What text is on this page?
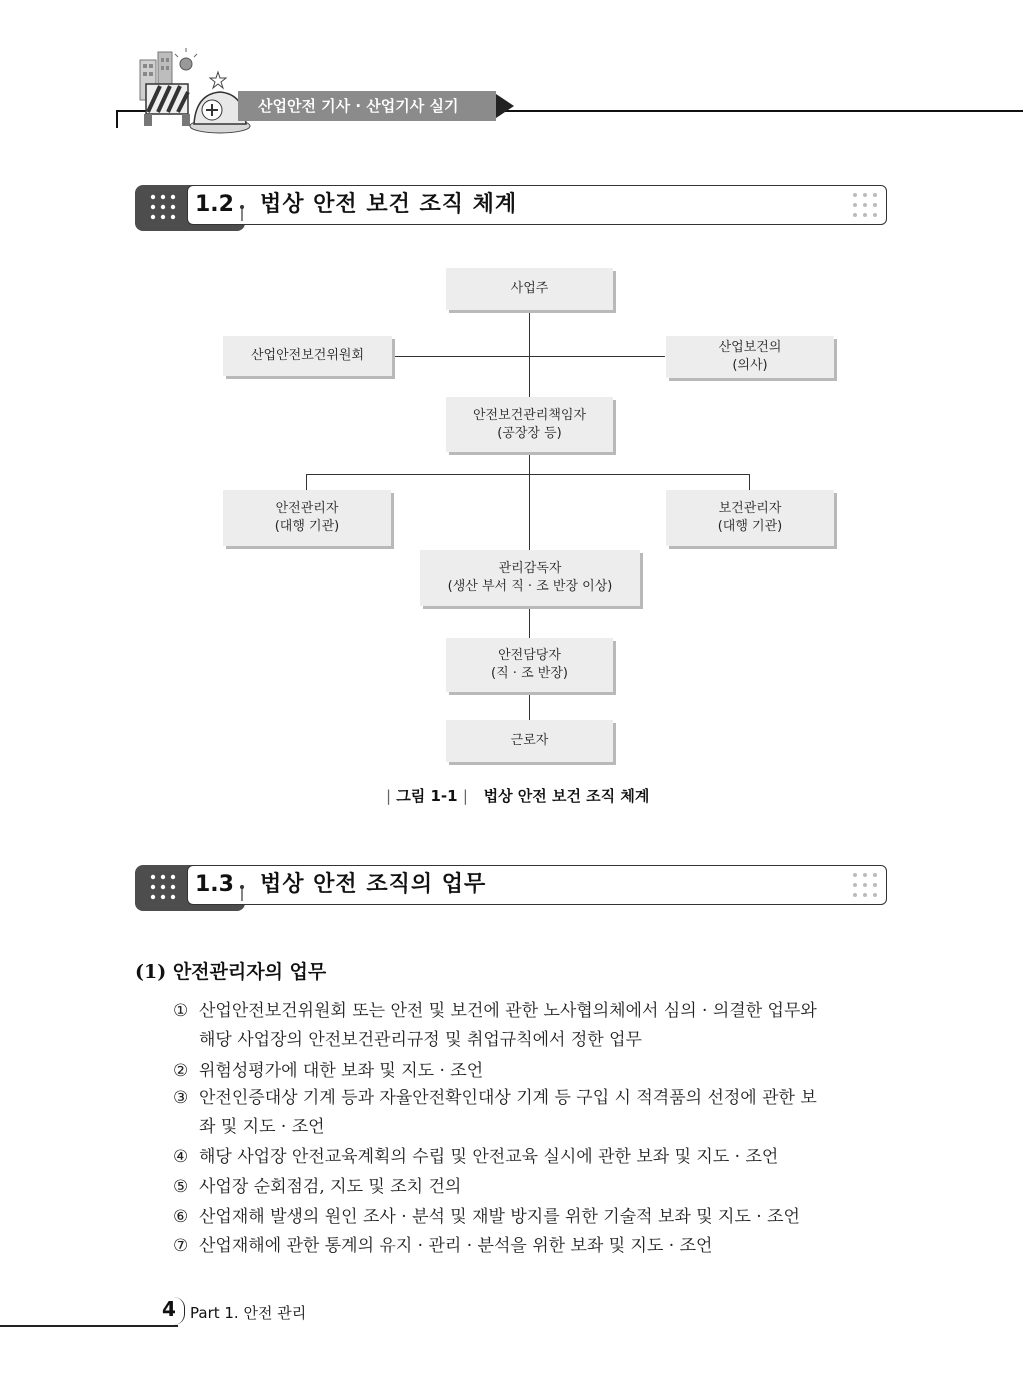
산업안전 기사 · 산업기사 실기
1.2 법상 안전 보건 조직 체계
사업주
산업안전보건위원회
산업보건의
(의사)
안전보건관리책임자
(공장장 등)
안전관리자
(대행 기관)
보건관리자
(대행 기관)
관리감독자
(생산 부서 직 · 조 반장 이상)
안전담당자
(직 · 조 반장)
근로자
| 그림 1-1 | 법상 안전 보건 조직 체계
1.3 법상 안전 조직의 업무
(1) 안전관리자의 업무
① 산업안전보건위원회 또는 안전 및 보건에 관한 노사협의체에서 심의 · 의결한 업무와
해당 사업장의 안전보건관리규정 및 취업규칙에서 정한 업무
② 위험성평가에 대한 보좌 및 지도 · 조언
③ 안전인증대상 기계 등과 자율안전확인대상 기계 등 구입 시 적격품의 선정에 관한 보
좌 및 지도 · 조언
④ 해당 사업장 안전교육계획의 수립 및 안전교육 실시에 관한 보좌 및 지도 · 조언
⑤ 사업장 순회점검, 지도 및 조치 건의
⑥ 산업재해 발생의 원인 조사 · 분석 및 재발 방지를 위한 기술적 보좌 및 지도 · 조언
⑦ 산업재해에 관한 통계의 유지 · 관리 · 분석을 위한 보좌 및 지도 · 조언
4 Part 1. 안전 관리
